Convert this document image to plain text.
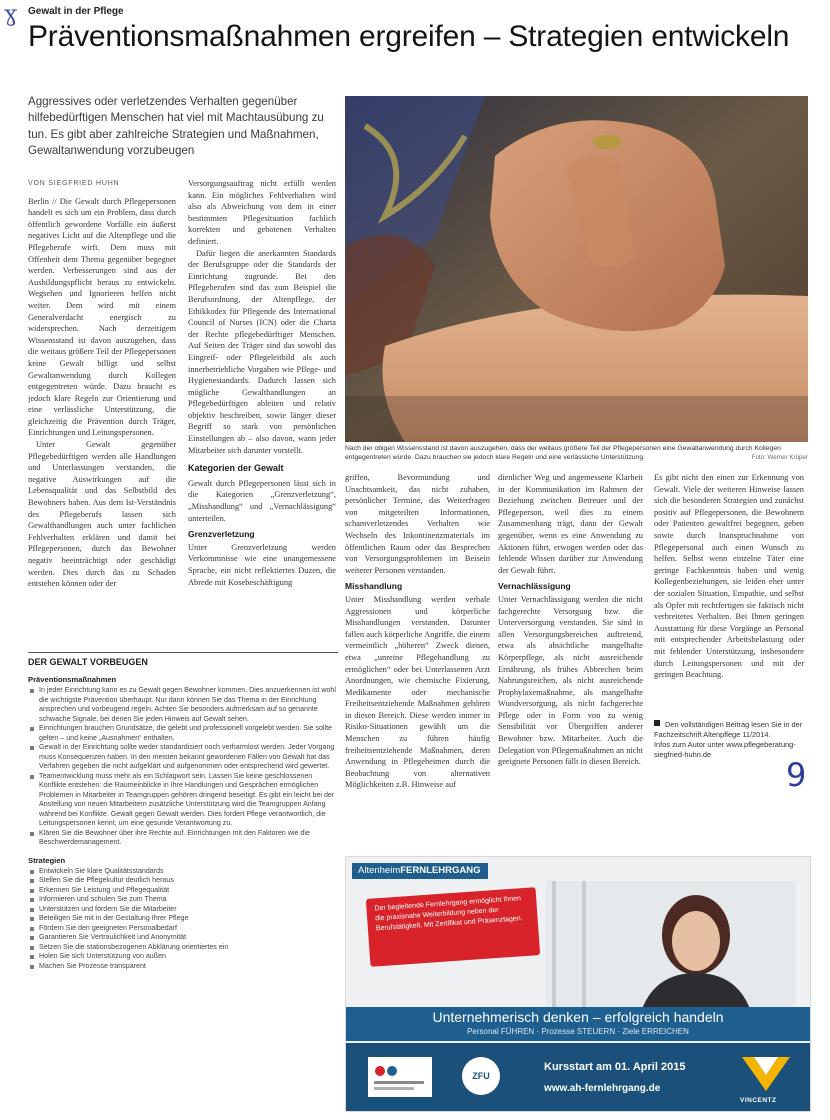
ɣ Gewalt in der Pflege
Präventionsmaßnahmen ergreifen – Strategien entwickeln
Aggressives oder verletzendes Verhalten gegenüber hilfebedürftigen Menschen hat viel mit Machtausübung zu tun. Es gibt aber zahlreiche Strategien und Maßnahmen, Gewaltanwendung vorzubeugen
VON SIEGFRIED HUHN

Berlin // Die Gewalt durch Pflegepersonen handelt es sich um ein Problem, dass durch öffentlich gewordene Vorfälle ein äußerst negatives Licht auf die Altenpflege und die Pflegeberufe wirft. Dem muss mit Offenheit dem Thema gegenüber begegnet werden. Verbesserungen sind aus der Ausbildungspflicht heraus zu entwickeln. Wegsehen und Ignorieren helfen nicht weiter. Dem wird mit einem Generalverdacht energisch zu widersprechen. Nach derzeitigem Wissensstand ist davon auszugehen, dass die weitaus größere Teil der Pflegepersonen keine Gewalt billigt und selbst Gewaltanwendung durch Kollegen entgegentreten würde. Dazu braucht es jedoch klare Regeln zur Orientierung und eine verlässliche Unterstützung, die gleichzeitig die Prävention durch Träger, Einrichtungen und Leitungspersonen.

Unter Gewalt gegenüber Pflegebedürftigen werden alle Handlungen und Unterlassungen verstanden, die negative Auswirkungen auf die Lebensqualität und das Selbstbild des Bewohners haben. Aus dem Ist-Verständnis des Pflegeberufs lassen sich Gewalthandlungen auch unter fachlichen Fehlverhalten erklären und damit bei Pflegepersonen, durch das Bewohner negativ beeinträchtigt oder geschädigt werden. Dies durch das zu Schaden entstehen können oder der

Versorgungsauftrag nicht erfüllt werden kann. Ein mögliches Fehlverhalten wird also als Abweichung von dem in einer bestimmten Pflegesituation fachlich korrekten und gebotenen Verhalten definiert.

Dafür liegen die anerkannten Standards der Berufsgruppe oder die Standards der Einrichtung zugrunde. Bei den Pflegeberufen sind das zum Beispiel die Berufsordnung, der Altenpflege, der Ethikkodex für Pflegende des International Council of Nurses (ICN) oder die Charta der Rechte pflegebedürftiger Menschen. Auf Seiten der Träger sind das sowohl das Eingreif- oder Pflegeleitbild als auch innerbetriebliche Vorgaben wie Pflege- und Hygienestandards. Dadurch lassen sich mögliche Gewalthandlungen an Pflegebedürftigen ableiten und relativ objektiv beschreiben, sowie länger dieser Begriff so stark von persönlichen Einstellungen ab – also davon, wann jeder Mitarbeiter sich darunter vorstellt.

Kategorien der Gewalt

Gewalt durch Pflegepersonen lässt sich in die Kategorien „Grenzverletzung“, „Misshandlung“ und „Vernachlässigung“ unterteilen.

Grenzverletzung

Unter Grenzverletzung werden Verkommnisse wie eine unangemessene Sprache, ein nicht reflektiertes Duzen, die Abrede mit Kosebeschäftigung

Nach der obigen Wissensstand ist davon auszugehen, dass der weitaus größere Teil der Pflegepersonen eine Gewaltanwendung durch Kollegen entgegentreten würde. Dazu brauchen sie jedoch klare Regeln und eine verlässliche Unterstützung.	Foto: Werner Krüper

griffen, Bevormundung und Unachtsamkeit, das nicht zuhaben, persönlicher Termine, das Weiterfragen von mitgeteilten Informationen, schamverletzendes Verhalten wie Wechseln des Inkontinenzmaterials im öffentlichen Raum oder das Besprechen von Versorgungsproblemen im Beisein weiterer Personen verstanden.

Misshandlung

Unter Misshandlung werden verbale Aggressionen und körperliche Misshandlungen verstanden. Darunter fallen auch körperliche Angriffe, die einem vermeintlich „höheren“ Zweck dienen, etwa „unreine Pflegehandlung zu ermöglichen“ oder bei Unterlassenen Arzt Anordnungen, wie chemische Fixierung, Medikamente oder mechanische Freiheitsentziehende Maßnahmen gehören in diesen Bereich. Diese werden immer in Risiko-Situationen gewählt um die Menschen zu führen häufig freiheitsentziehende Maßnahmen, deren Anwendung in Pflegeheimen durch die Beobachtung von alternativen Möglichkeiten z.B. Hinweise auf

dienlicher Weg und angemessene Klarheit in der Kommunikation im Rahmen der Beziehung zwischen Betreuer und der Pflegeperson, weil dies zu einem Zusammenhang trägt, dann der Gewalt gegenüber, wenn es eine Anwendung zu Aktionen führt, erwogen werden oder das fehlende Wissen darüber zur Anwendung der Gewalt führt.

Vernachlässigung

Unter Vernachlässigung werden die nicht fachgerechte Versorgung bzw. die Unterversorgung verstanden. Sie sind in allen Versorgungsbereichen auftretend, etwa als absichtliche mangelhafte Körperpflege, als nicht ausreichende Ernährung, als frühes Abbrechen beim Nahrungsreichen, als nicht ausreichende Prophylaxemaßnahme, als mangelhafte Wundversorgung, als nicht fachgerechte Pflege oder in Form von zu wenig Sensibilität vor Übergriffen anderer Bewohner bzw. Mitarbeiter. Auch die Delegation von Pflegemaßnahmen an nicht geeignete Personen fällt in diesen Bereich.

Es gibt nicht den einen zur Erkennung von Gewalt. Viele der weiteren Hinweise lassen sich die besonderen Strategien und zunächst positiv auf Pflegepersonen, die Bewohnern oder Patienten gewaltfrei begegnen, geben sowie durch Inanspruchnahme von Pflegepersonal auch einen Wunsch zu helfen. Selbst wenn einzelne Täter eine geringe Fachkenntnis haben und wenig Kollegenbeziehungen, sie leiden eher unter der sozialen Situation, Empathie, und selbst als Opfer mit rechtfertigen sie faktisch nicht verbreitetes Verhalten. Bei Ihnen geringen Ausstattung für diese Vorgänge an Personal mit entsprechender Arbeitsbelastung oder mit fehlender Unterstützung, insbesondere durch Leitungspersonen und mit der geringen Beachtung.

Den vollständigen Beitrag lesen Sie in der Fachzeitschrift Altenpflege 11/2014.
Infos zum Autor unter www.pflegeberatung-siegfried-huhn.de
9
DER GEWALT VORBEUGEN
Präventionsmaßnahmen
In jeder Einrichtung kann es zu Gewalt gegen Bewohner kommen. Dies anzuerkennen ist wohl die wichtigste Prävention überhaupt. Nur dann können Sie das Thema in der Einrichtung ansprechen und vorbeugend regeln. Achten Sie besonders aufmerksam auf so genannte schwache Signale, bei denen Sie jeden Hinweis auf Gewalt sehen.
Einrichtungen brauchen Grundsätze, die gelebt und professionell vorgelebt werden. Sie sollte gelten – und keine „Ausnahmen“ enthalten.
Gewalt in der Einrichtung sollte weder standardisiert noch verharmlost werden. Jeder Vorgang muss Konsequenzen haben. In den meisten bekannt gewordenen Fällen von Gewalt hat das Verfahren gegeben die nicht aufgeklärt und aufgenommen oder entsprechend wird gewertet.
Teamentwicklung muss mehr als ein Schlagwort sein. Lassen Sie keine geschlossenen Konflikte entstehen: die Raumeinblicke in Ihre Handlungen und Gesprächen ermöglichen Problemen in Mitarbeiter in Teamgruppen gehören dringend beseitigt. Es gibt ein leicht bei der Anstellung von neuen Mitarbeitern zusätzliche Unterstützung wird die Teamgruppen Anfang während bei Konflikte. Gewalt gegen Gewalt werden. Dies fordert Pflege verantwortlich, die Leitungspersonen kennt, um eine gesunde Verantwortung zu.
Klären Sie die Bewohner über ihre Rechte auf. Einrichtungen mit den Faktoren wie die Beschwerdemanagement.
Strategien
Entwickeln Sie klare Qualitätsstandards
Stellen Sie die Pflegekultur deutlich heraus
Erkennen Sie Leistung und Pflegequalität
Informieren und schulen Sie zum Thema
Unterstützen und fördern Sie die Mitarbeiter
Beteiligen Sie mit in der Gestaltung Ihrer Pflege
Fördern Sie den geeigneten Personalbedarf
Garantieren Sie Vertraulichkeit und Anonymität
Setzen Sie die stationsbezogenen Abklärung orientiertes ein
Holen Sie sich Unterstützung von außen
Machen Sie Prozesse transparent
AltenheimFERNLEHRGANG
Der begleitende Fernlehrgang ermöglicht Ihnen die praxisnahe Weiterbildung neben der Berufstätigkeit. Mit Zertifikat und Präsenztagen.
Unternehmerisch denken – erfolgreich handeln
Personal FÜHREN · Prozesse STEUERN · Ziele ERREICHEN
ZFU
Kursstart am 01. April 2015
www.ah-fernlehrgang.de
VINCENTZ
